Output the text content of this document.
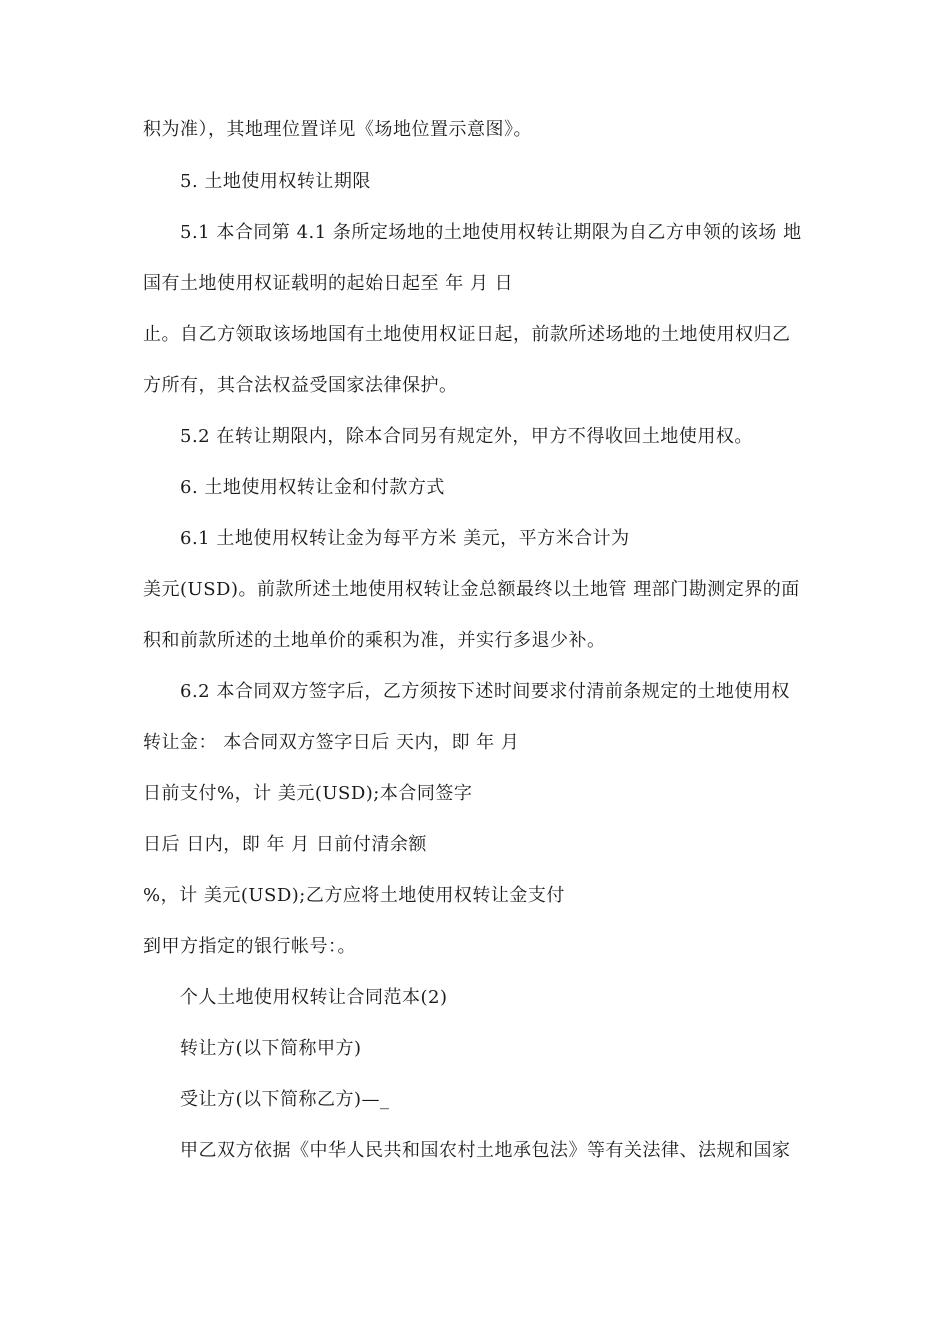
积为准），其地理位置详见《场地位置示意图》。
5. 土地使用权转让期限
5.1 本合同第 4.1 条所定场地的土地使用权转让期限为自乙方申领的该场 地
国有土地使用权证载明的起始日起至 年 月 日
止。自乙方领取该场地国有土地使用权证日起，前款所述场地的土地使用权归乙
方所有，其合法权益受国家法律保护。
5.2 在转让期限内，除本合同另有规定外，甲方不得收回土地使用权。
6. 土地使用权转让金和付款方式
6.1 土地使用权转让金为每平方米 美元，平方米合计为
美元(USD)。前款所述土地使用权转让金总额最终以土地管 理部门勘测定界的面
积和前款所述的土地单价的乘积为准，并实行多退少补。
6.2 本合同双方签字后，乙方须按下述时间要求付清前条规定的土地使用权
转让金： 本合同双方签字日后 天内，即 年 月
日前支付%，计 美元(USD);本合同签字
日后 日内，即 年 月 日前付清余额
%，计 美元(USD);乙方应将土地使用权转让金支付
到甲方指定的银行帐号：。
个人土地使用权转让合同范本(2)
转让方(以下简称甲方)
受让方(以下简称乙方)—_
甲乙双方依据《中华人民共和国农村土地承包法》等有关法律、法规和国家
